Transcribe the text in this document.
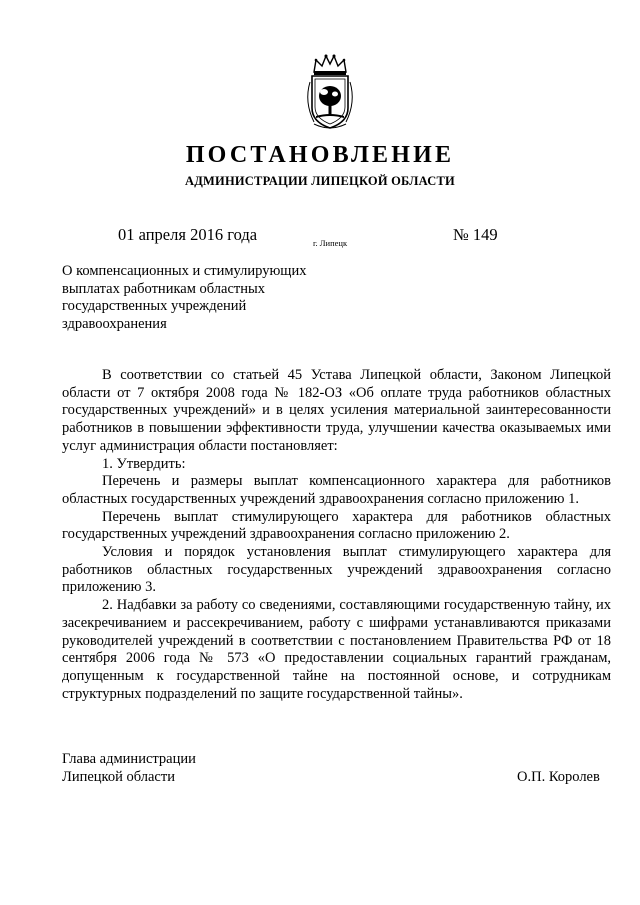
ПОСТАНОВЛЕНИЕ
АДМИНИСТРАЦИИ ЛИПЕЦКОЙ ОБЛАСТИ
01 апреля 2016 года	г. Липецк	№ 149
О компенсационных и стимулирующих
выплатах работникам областных
государственных учреждений
здравоохранения

В соответствии со статьей 45 Устава Липецкой области, Законом Липецкой области от 7 октября 2008 года № 182-ОЗ «Об оплате труда работников областных государственных учреждений» и в целях усиления материальной заинтересованности работников в повышении эффективности труда, улучшении качества оказываемых ими услуг администрация области постановляет:

1. Утвердить:

Перечень и размеры выплат компенсационного характера для работников областных государственных учреждений здравоохранения согласно приложению 1.

Перечень выплат стимулирующего характера для работников областных государственных учреждений здравоохранения согласно приложению 2.

Условия и порядок установления выплат стимулирующего характера для работников областных государственных учреждений здравоохранения согласно приложению 3.

2. Надбавки за работу со сведениями, составляющими государственную тайну, их засекречиванием и рассекречиванием, работу с шифрами устанавливаются приказами руководителей учреждений в соответствии с постановлением Правительства РФ от 18 сентября 2006 года № 573 «О предоставлении социальных гарантий гражданам, допущенным к государственной тайне на постоянной основе, и сотрудникам структурных подразделений по защите государственной тайны».

Глава администрации
Липецкой области	О.П. Королев
